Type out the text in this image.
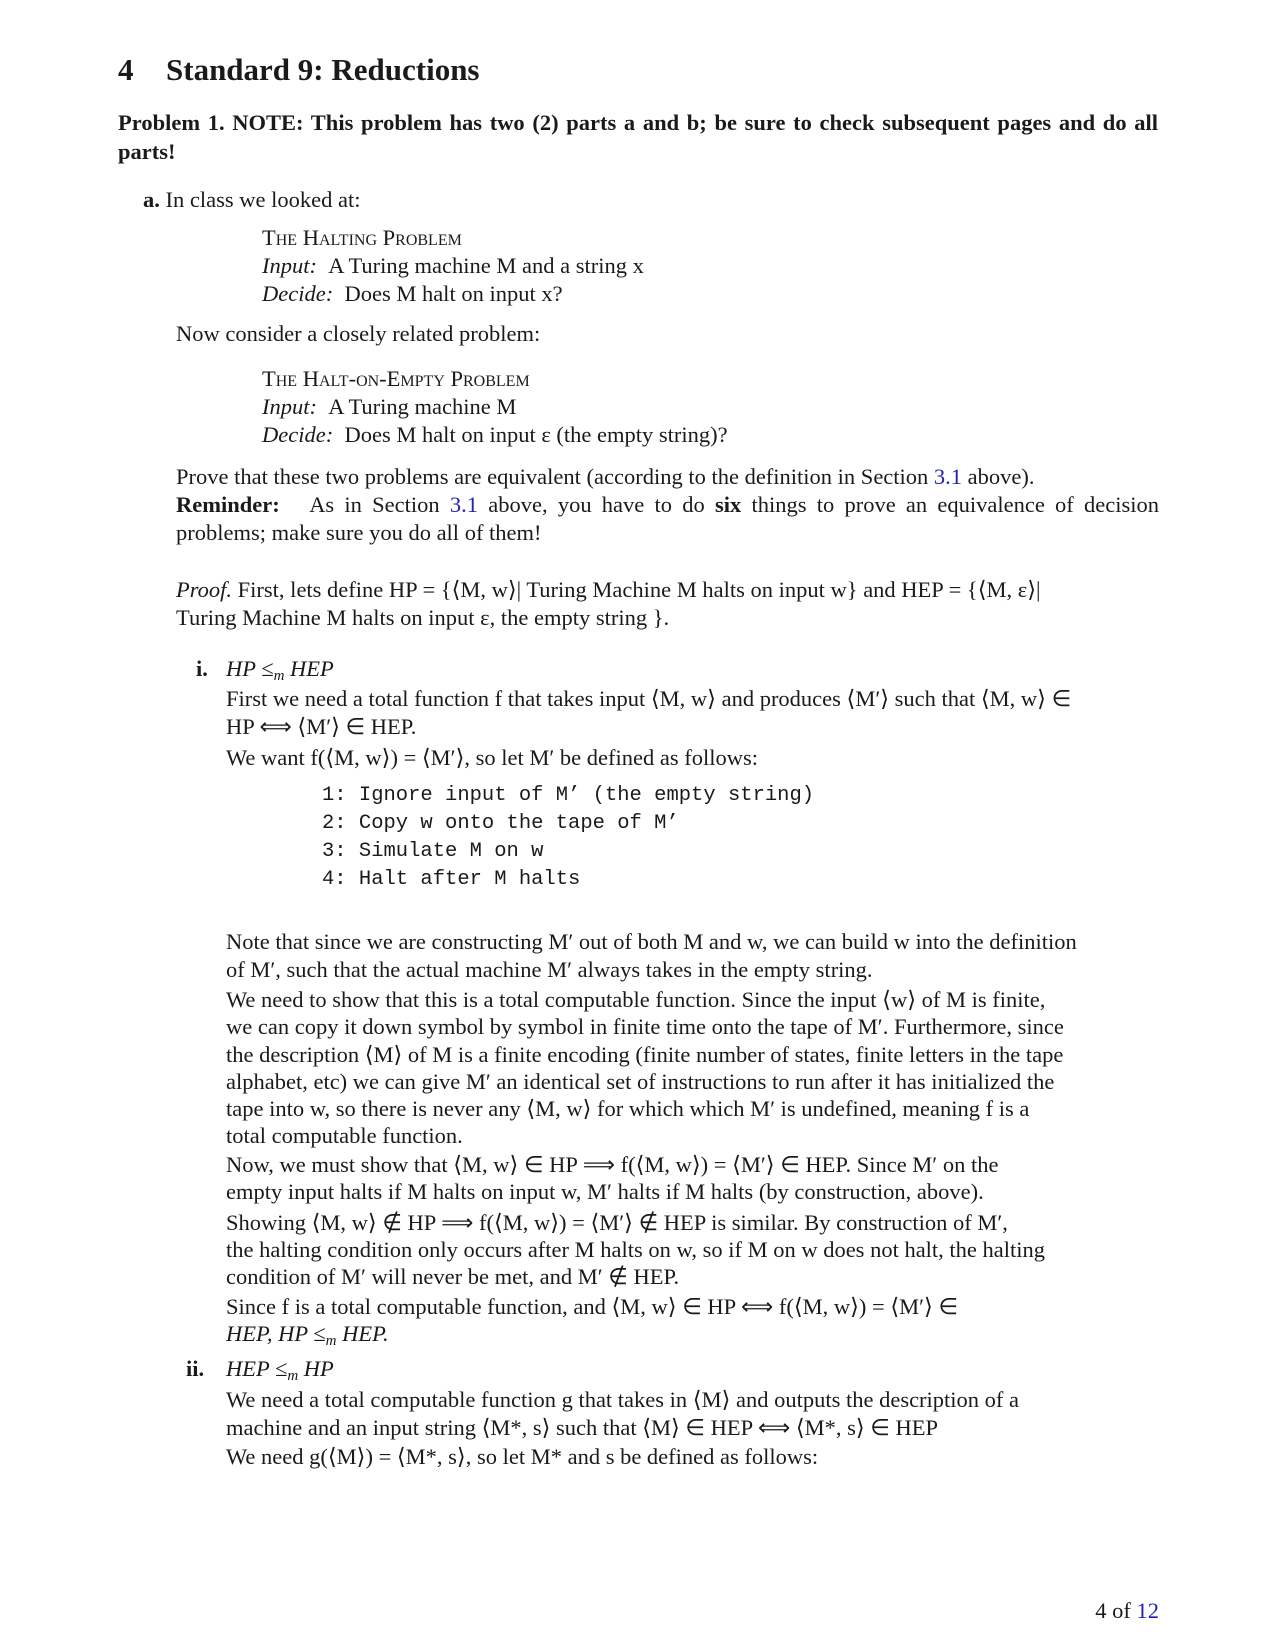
4 Standard 9: Reductions
Problem 1. NOTE: This problem has two (2) parts a and b; be sure to check subsequent pages and do all parts!
a. In class we looked at:
The Halting Problem
Input: A Turing machine M and a string x
Decide: Does M halt on input x?
Now consider a closely related problem:
The Halt-on-Empty Problem
Input: A Turing machine M
Decide: Does M halt on input ε (the empty string)?
Prove that these two problems are equivalent (according to the definition in Section 3.1 above).
Reminder: As in Section 3.1 above, you have to do six things to prove an equivalence of decision problems; make sure you do all of them!
Proof. First, lets define HP = {⟨M, w⟩| Turing Machine M halts on input w} and HEP = {⟨M, ε⟩|
Turing Machine M halts on input ε, the empty string }.
i. HP $\le_m$ HEP
First we need a total function f that takes input ⟨M, w⟩ and produces ⟨M′⟩ such that ⟨M, w⟩ ∈
HP ⟺ ⟨M′⟩ ∈ HEP.
We want f(⟨M, w⟩) = ⟨M′⟩, so let M′ be defined as follows:
1: Ignore input of M’ (the empty string)
2: Copy w onto the tape of M’
3: Simulate M on w
4: Halt after M halts
Note that since we are constructing M′ out of both M and w, we can build w into the definition
of M′, such that the actual machine M′ always takes in the empty string.
We need to show that this is a total computable function. Since the input ⟨w⟩ of M is finite,
we can copy it down symbol by symbol in finite time onto the tape of M′. Furthermore, since
the description ⟨M⟩ of M is a finite encoding (finite number of states, finite letters in the tape
alphabet, etc) we can give M′ an identical set of instructions to run after it has initialized the
tape into w, so there is never any ⟨M, w⟩ for which which M′ is undefined, meaning f is a
total computable function.
Now, we must show that ⟨M, w⟩ ∈ HP ⟹ f(⟨M, w⟩) = ⟨M′⟩ ∈ HEP. Since M′ on the
empty input halts if M halts on input w, M′ halts if M halts (by construction, above).
Showing ⟨M, w⟩ ∉ HP ⟹ f(⟨M, w⟩) = ⟨M′⟩ ∉ HEP is similar. By construction of M′,
the halting condition only occurs after M halts on w, so if M on w does not halt, the halting
condition of M′ will never be met, and M′ ∉ HEP.
Since f is a total computable function, and ⟨M, w⟩ ∈ HP ⟺ f(⟨M, w⟩) = ⟨M′⟩ ∈
HEP, HP $\le_m$ HEP.
ii. HEP $\le_m$ HP
We need a total computable function g that takes in ⟨M⟩ and outputs the description of a
machine and an input string ⟨M*, s⟩ such that ⟨M⟩ ∈ HEP ⟺ ⟨M*, s⟩ ∈ HEP
We need g(⟨M⟩) = ⟨M*, s⟩, so let M* and s be defined as follows:
4 of 12
